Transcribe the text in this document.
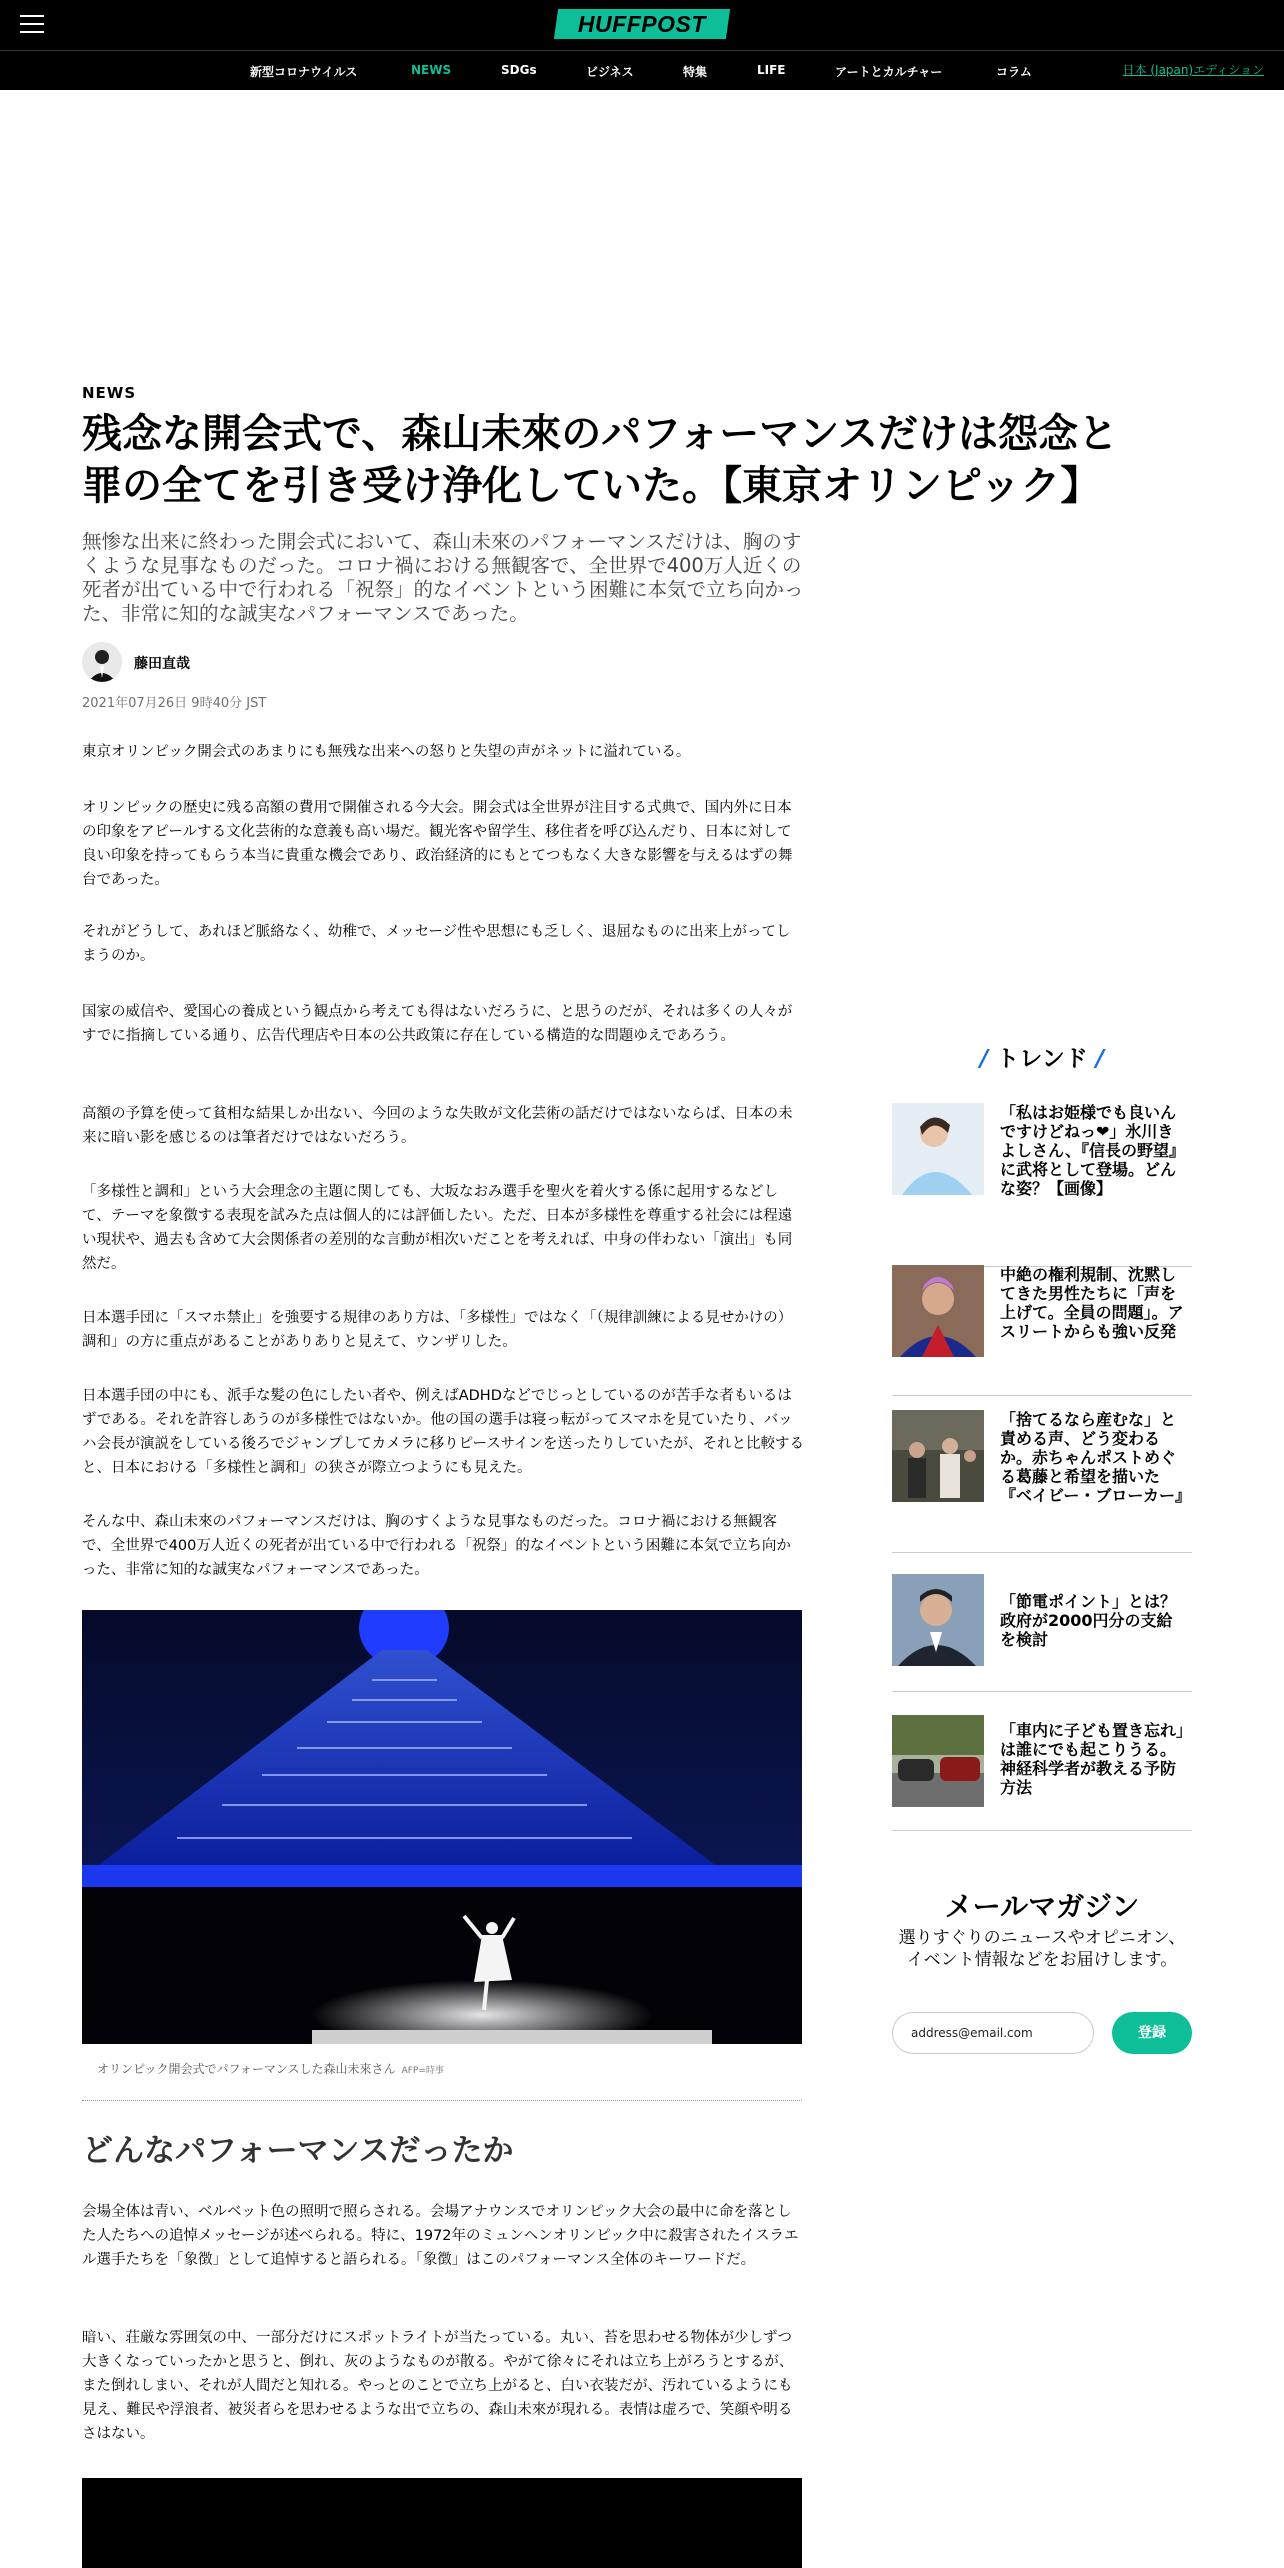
HUFFPOST
新型コロナウイルス	NEWS	SDGs	ビジネス	特集	LIFE	アートとカルチャー	コラム	日本 (Japan)エディション
NEWS
残念な開会式で、森山未來のパフォーマンスだけは怨念と罪の全てを引き受け浄化していた。【東京オリンピック】
無惨な出来に終わった開会式において、森山未來のパフォーマンスだけは、胸のすくような見事なものだった。コロナ禍における無観客で、全世界で400万人近くの死者が出ている中で行われる「祝祭」的なイベントという困難に本気で立ち向かった、非常に知的な誠実なパフォーマンスであった。
藤田直哉
2021年07月26日 9時40分 JST

東京オリンピック開会式のあまりにも無残な出来への怒りと失望の声がネットに溢れている。

オリンピックの歴史に残る高額の費用で開催される今大会。開会式は全世界が注目する式典で、国内外に日本の印象をアピールする文化芸術的な意義も高い場だ。観光客や留学生、移住者を呼び込んだり、日本に対して良い印象を持ってもらう本当に貴重な機会であり、政治経済的にもとてつもなく大きな影響を与えるはずの舞台であった。

それがどうして、あれほど脈絡なく、幼稚で、メッセージ性や思想にも乏しく、退屈なものに出来上がってしまうのか。

国家の威信や、愛国心の養成という観点から考えても得はないだろうに、と思うのだが、それは多くの人々がすでに指摘している通り、広告代理店や日本の公共政策に存在している構造的な問題ゆえであろう。

高額の予算を使って貧相な結果しか出ない、今回のような失敗が文化芸術の話だけではないならば、日本の未来に暗い影を感じるのは筆者だけではないだろう。

「多様性と調和」という大会理念の主題に関しても、大坂なおみ選手を聖火を着火する係に起用するなどして、テーマを象徴する表現を試みた点は個人的には評価したい。ただ、日本が多様性を尊重する社会には程遠い現状や、過去も含めて大会関係者の差別的な言動が相次いだことを考えれば、中身の伴わない「演出」も同然だ。

日本選手団に「スマホ禁止」を強要する規律のあり方は、「多様性」ではなく「（規律訓練による見せかけの）調和」の方に重点があることがありありと見えて、ウンザリした。

日本選手団の中にも、派手な髪の色にしたい者や、例えばADHDなどでじっとしているのが苦手な者もいるはずである。それを許容しあうのが多様性ではないか。他の国の選手は寝っ転がってスマホを見ていたり、バッハ会長が演説をしている後ろでジャンプしてカメラに移りピースサインを送ったりしていたが、それと比較すると、日本における「多様性と調和」の狭さが際立つようにも見えた。

そんな中、森山未來のパフォーマンスだけは、胸のすくような見事なものだった。コロナ禍における無観客で、全世界で400万人近くの死者が出ている中で行われる「祝祭」的なイベントという困難に本気で立ち向かった、非常に知的な誠実なパフォーマンスであった。

オリンピック開会式でパフォーマンスした森山未來さん AFP=時事
どんなパフォーマンスだったか

会場全体は青い、ベルベット色の照明で照らされる。会場アナウンスでオリンピック大会の最中に命を落とした人たちへの追悼メッセージが述べられる。特に、1972年のミュンヘンオリンピック中に殺害されたイスラエル選手たちを「象徴」として追悼すると語られる。「象徴」はこのパフォーマンス全体のキーワードだ。

暗い、荘厳な雰囲気の中、一部分だけにスポットライトが当たっている。丸い、苔を思わせる物体が少しずつ大きくなっていったかと思うと、倒れ、灰のようなものが散る。やがて徐々にそれは立ち上がろうとするが、また倒れしまい、それが人間だと知れる。やっとのことで立ち上がると、白い衣装だが、汚れているようにも見え、難民や浮浪者、被災者らを思わせるような出で立ちの、森山未來が現れる。表情は虚ろで、笑顔や明るさはない。

/ トレンド /
「私はお姫様でも良いんですけどねっ❤︎」氷川きよしさん、『信長の野望』に武将として登場。どんな姿？【画像】
中絶の権利規制、沈黙してきた男性たちに「声を上げて。全員の問題」。アスリートからも強い反発
「捨てるなら産むな」と責める声、どう変わるか。赤ちゃんポストめぐる葛藤と希望を描いた『ベイビー・ブローカー』
「節電ポイント」とは？政府が2000円分の支給を検討
「車内に子ども置き忘れ」は誰にでも起こりうる。神経科学者が教える予防方法
メールマガジン
選りすぐりのニュースやオピニオン、イベント情報などをお届けします。
address@email.com
登録
